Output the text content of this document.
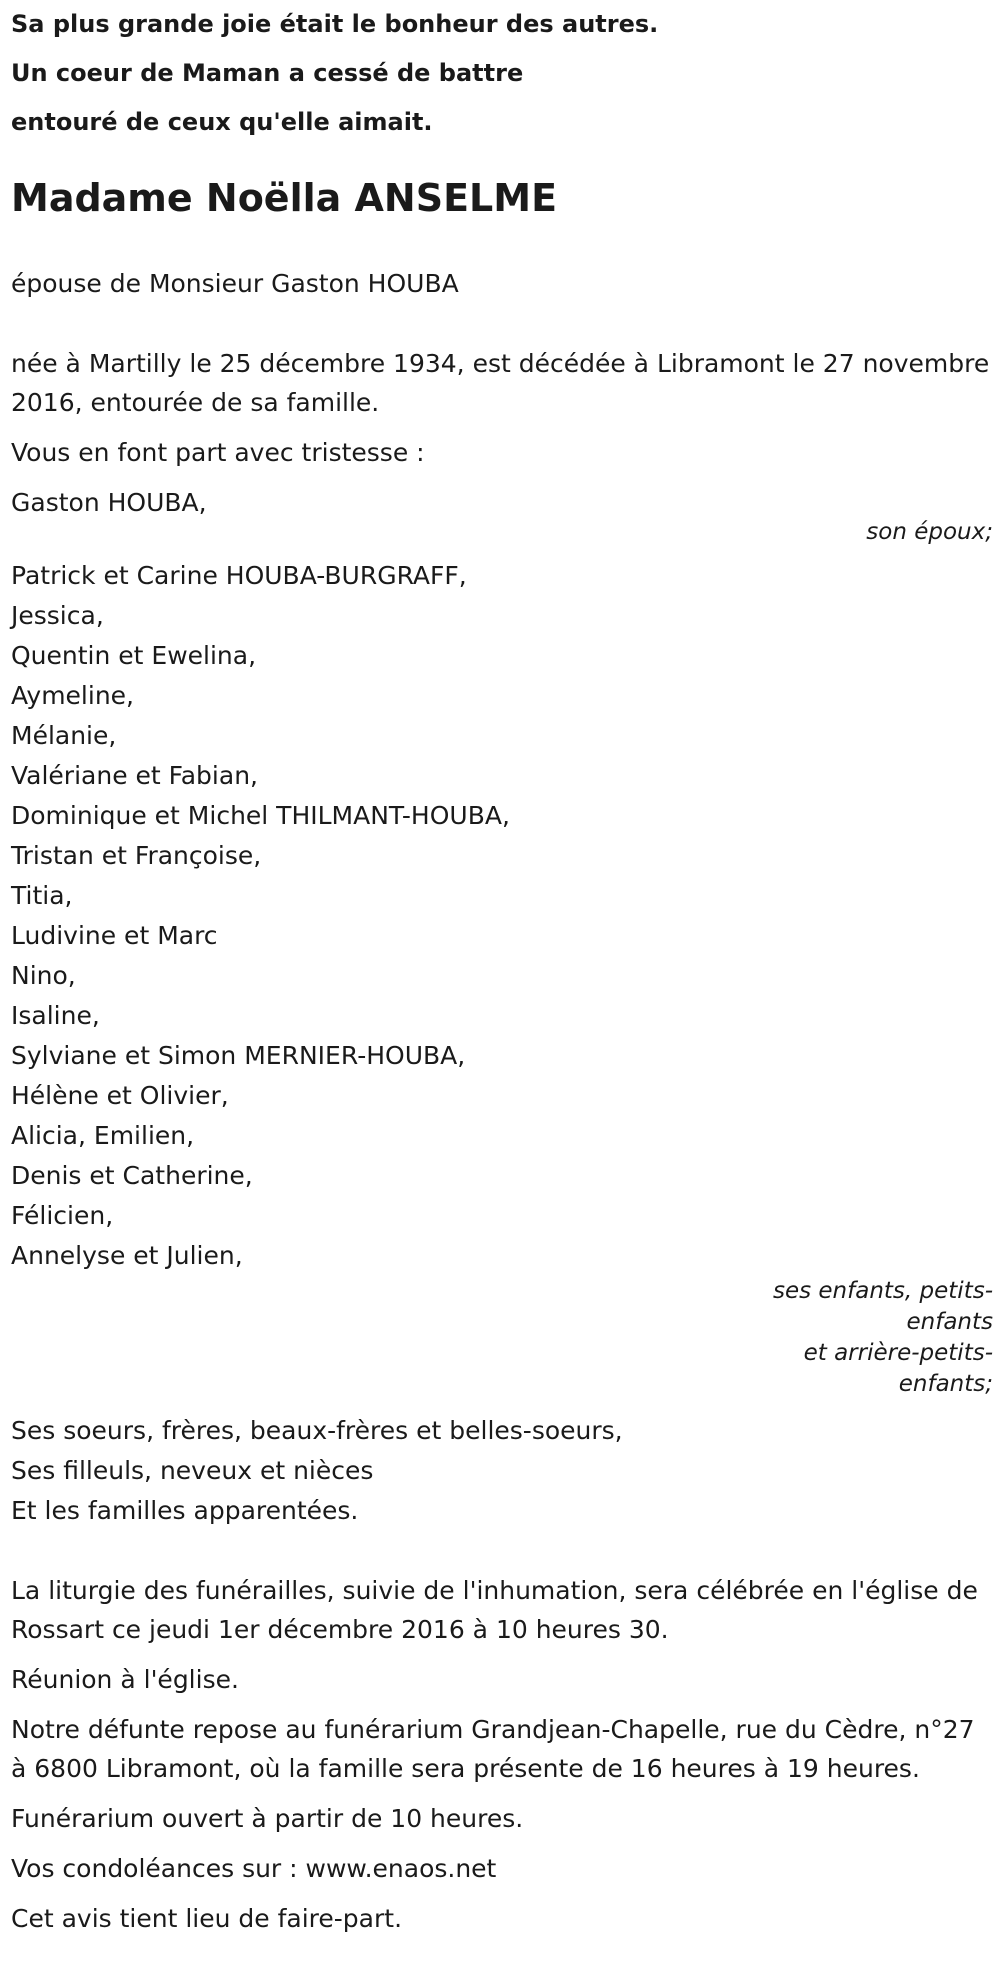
Sa plus grande joie était le bonheur des autres.
Un coeur de Maman a cessé de battre
entouré de ceux qu'elle aimait.
Madame Noëlla ANSELME
épouse de Monsieur Gaston HOUBA
née à Martilly le 25 décembre 1934, est décédée à Libramont le 27 novembre 2016, entourée de sa famille.
Vous en font part avec tristesse :
Gaston HOUBA,
son époux;
Patrick et Carine HOUBA-BURGRAFF,
Jessica,
Quentin et Ewelina,
Aymeline,
Mélanie,
Valériane et Fabian,
Dominique et Michel THILMANT-HOUBA,
Tristan et Françoise,
Titia,
Ludivine et Marc
Nino,
Isaline,
Sylviane et Simon MERNIER-HOUBA,
Hélène et Olivier,
Alicia, Emilien,
Denis et Catherine,
Félicien,
Annelyse et Julien,
ses enfants, petits-
enfants
et arrière-petits-
enfants;
Ses soeurs, frères, beaux-frères et belles-soeurs,
Ses filleuls, neveux et nièces
Et les familles apparentées.
La liturgie des funérailles, suivie de l'inhumation, sera célébrée en l'église de Rossart ce jeudi 1er décembre 2016 à 10 heures 30.
Réunion à l'église.
Notre défunte repose au funérarium Grandjean-Chapelle, rue du Cèdre, n°27 à 6800 Libramont, où la famille sera présente de 16 heures à 19 heures.
Funérarium ouvert à partir de 10 heures.
Vos condoléances sur : www.enaos.net
Cet avis tient lieu de faire-part.
